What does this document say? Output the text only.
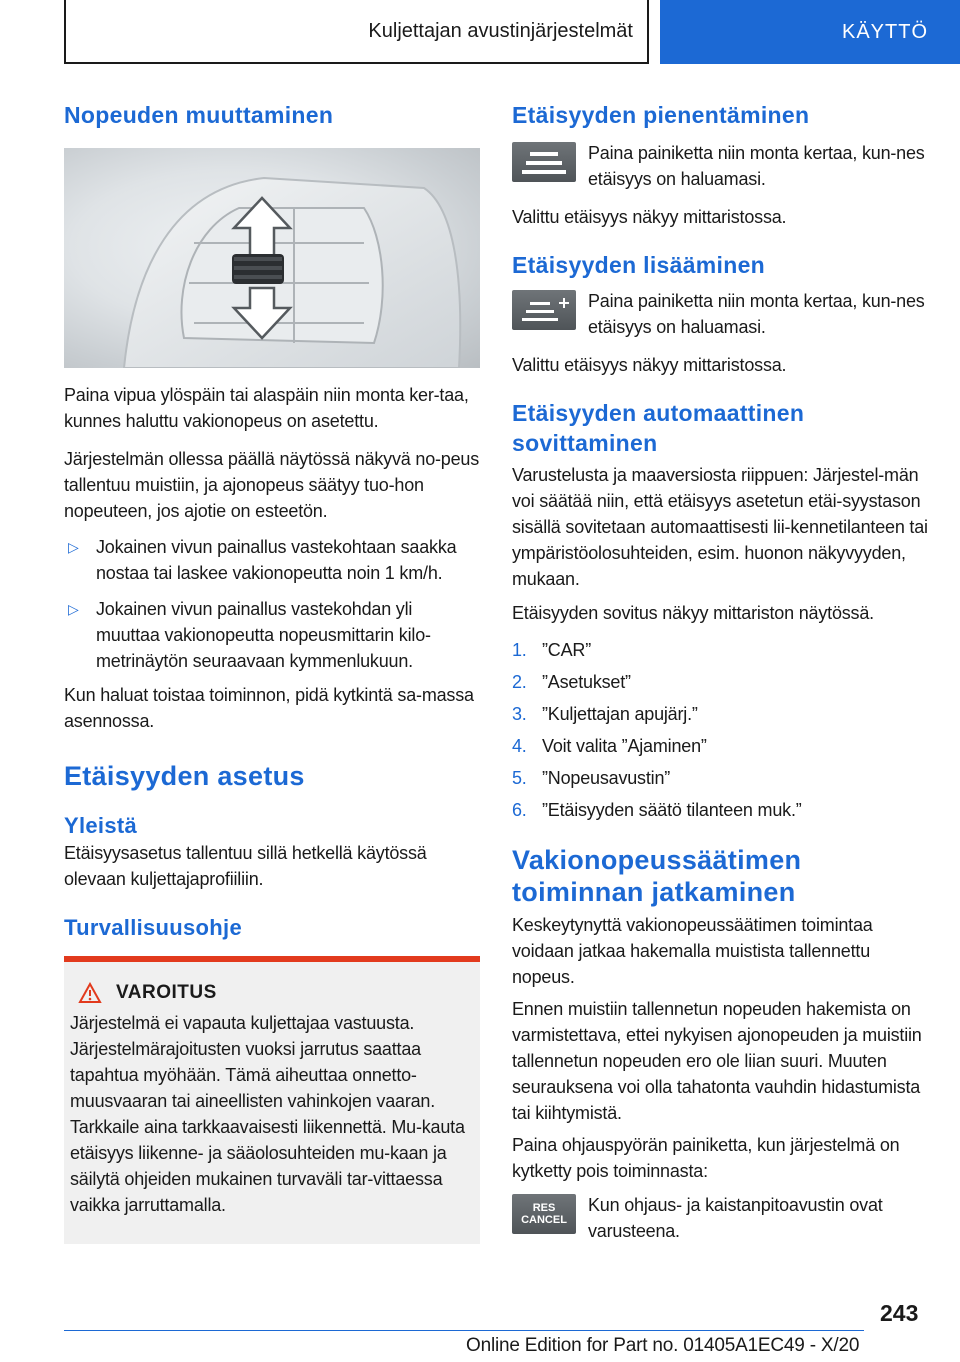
Kuljettajan avustinjärjestelmät	KÄYTTÖ
Nopeuden muuttaminen

Paina vipua ylöspäin tai alaspäin niin monta ker-taa, kunnes haluttu vakionopeus on asetettu.

Järjestelmän ollessa päällä näytössä näkyvä no-peus tallentuu muistiin, ja ajonopeus säätyy tuo-hon nopeuteen, jos ajotie on esteetön.

▷ Jokainen vivun painallus vastekohtaan saakka nostaa tai laskee vakionopeutta noin 1 km/h.
▷ Jokainen vivun painallus vastekohdan yli muuttaa vakionopeutta nopeusmittarin kilo-metrinäytön seuraavaan kymmenlukuun.

Kun haluat toistaa toiminnon, pidä kytkintä sa-massa asennossa.

Etäisyyden asetus
Yleistä

Etäisyysasetus tallentuu sillä hetkellä käytössä olevaan kuljettajaprofiiliin.

Turvallisuusohje
VAROITUS

Järjestelmä ei vapauta kuljettajaa vastuusta. Järjestelmärajoitusten vuoksi jarrutus saattaa tapahtua myöhään. Tämä aiheuttaa onnetto-muusvaaran tai aineellisten vahinkojen vaaran. Tarkkaile aina tarkkaavaisesti liikennettä. Mu-kauta etäisyys liikenne- ja sääolosuhteiden mu-kaan ja säilytä ohjeiden mukainen turvaväli tar-vittaessa vaikka jarruttamalla.

Etäisyyden pienentäminen

Paina painiketta niin monta kertaa, kun-nes etäisyys on haluamasi.

Valittu etäisyys näkyy mittaristossa.

Etäisyyden lisääminen

Paina painiketta niin monta kertaa, kun-nes etäisyys on haluamasi.

Valittu etäisyys näkyy mittaristossa.

Etäisyyden automaattinen sovittaminen

Varustelusta ja maaversiosta riippuen: Järjestel-män voi säätää niin, että etäisyys asetetun etäi-syystason sisällä sovitetaan automaattisesti lii-kennetilanteen tai ympäristöolosuhteiden, esim. huonon näkyvyyden, mukaan.

Etäisyyden sovitus näkyy mittariston näytössä.

1. ”CAR”
2. ”Asetukset”
3. ”Kuljettajan apujärj.”
4. Voit valita ”Ajaminen”
5. ”Nopeusavustin”
6. ”Etäisyyden säätö tilanteen muk.”
Vakionopeussäätimen toiminnan jatkaminen

Keskeytynyttä vakionopeussäätimen toimintaa voidaan jatkaa hakemalla muistista tallennettu nopeus.

Ennen muistiin tallennetun nopeuden hakemista on varmistettava, ettei nykyisen ajonopeuden ja muistiin tallennetun nopeuden ero ole liian suuri. Muuten seurauksena voi olla tahatonta vauhdin hidastumista tai kiihtymistä.

Paina ohjauspyörän painiketta, kun järjestelmä on kytketty pois toiminnasta:

RES
CANCEL

Kun ohjaus- ja kaistanpitoavustin ovat varusteena.

243
Online Edition for Part no. 01405A1EC49 - X/20
